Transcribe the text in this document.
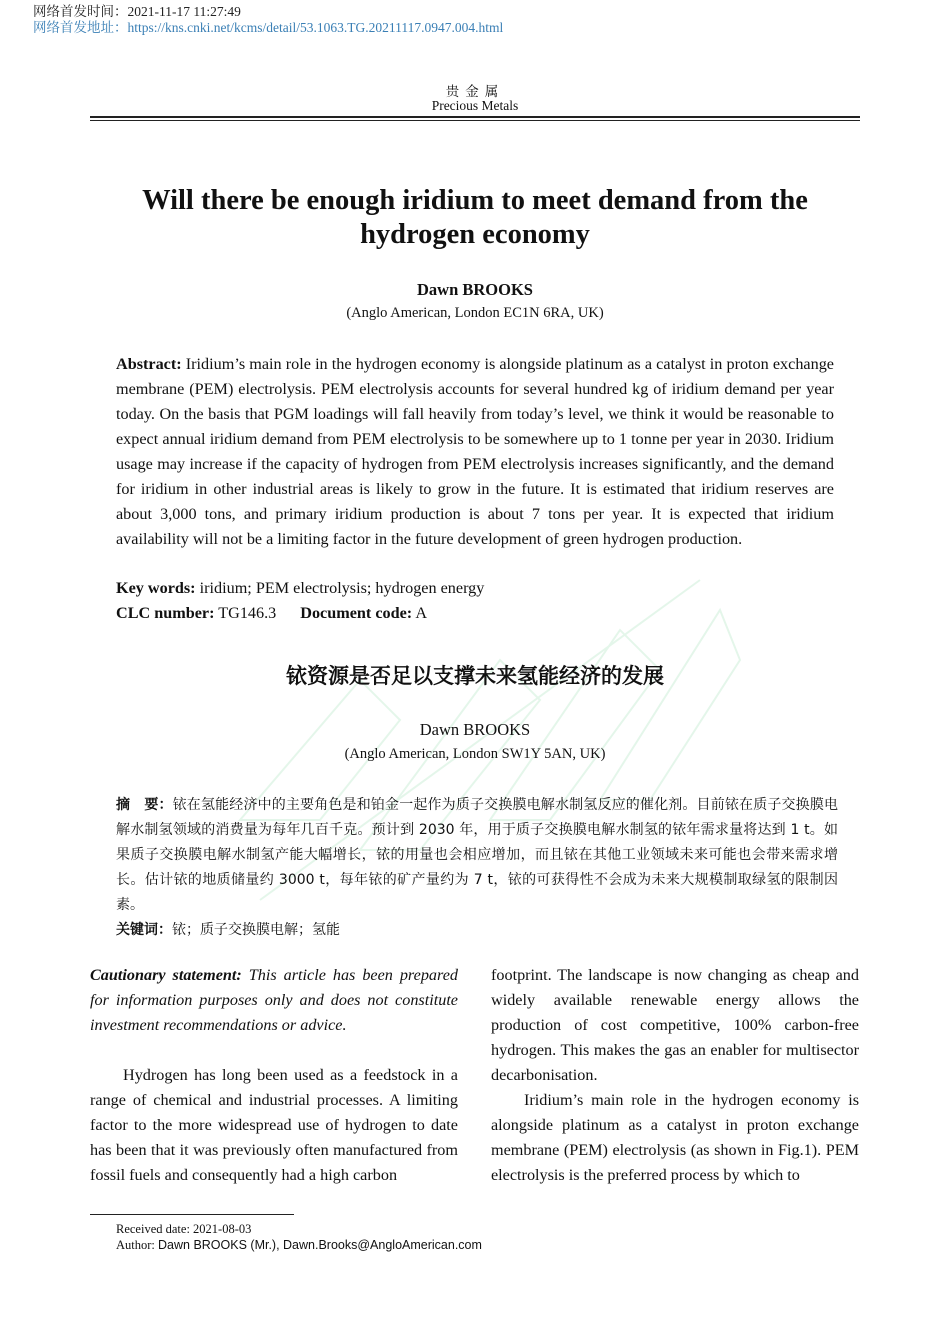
网络首发时间：2021-11-17 11:27:49
网络首发地址：https://kns.cnki.net/kcms/detail/53.1063.TG.20211117.0947.004.html
贵金属
Precious Metals
Will there be enough iridium to meet demand from the hydrogen economy
Dawn BROOKS
(Anglo American, London EC1N 6RA, UK)
Abstract: Iridium’s main role in the hydrogen economy is alongside platinum as a catalyst in proton exchange membrane (PEM) electrolysis. PEM electrolysis accounts for several hundred kg of iridium demand per year today. On the basis that PGM loadings will fall heavily from today’s level, we think it would be reasonable to expect annual iridium demand from PEM electrolysis to be somewhere up to 1 tonne per year in 2030. Iridium usage may increase if the capacity of hydrogen from PEM electrolysis increases significantly, and the demand for iridium in other industrial areas is likely to grow in the future. It is estimated that iridium reserves are about 3,000 tons, and primary iridium production is about 7 tons per year. It is expected that iridium availability will not be a limiting factor in the future development of green hydrogen production.
Key words: iridium; PEM electrolysis; hydrogen energy
CLC number: TG146.3 Document code: A
铱资源是否足以支撑未来氢能经济的发展
Dawn BROOKS
(Anglo American, London SW1Y 5AN, UK)
摘　要：铱在氢能经济中的主要角色是和铂金一起作为质子交换膜电解水制氢反应的催化剂。目前铱在质子交换膜电解水制氢领域的消费量为每年几百千克。预计到 2030 年，用于质子交换膜电解水制氢的铱年需求量将达到 1 t。如果质子交换膜电解水制氢产能大幅增长，铱的用量也会相应增加，而且铱在其他工业领域未来可能也会带来需求增长。估计铱的地质储量约 3000 t，每年铱的矿产量约为 7 t，铱的可获得性不会成为未来大规模制取绿氢的限制因素。
关键词：铱；质子交换膜电解；氢能

Cautionary statement: This article has been prepared for information purposes only and does not constitute investment recommendations or advice.

Hydrogen has long been used as a feedstock in a range of chemical and industrial processes. A limiting factor to the more widespread use of hydrogen to date has been that it was previously often manufactured from fossil fuels and consequently had a high carbon

footprint. The landscape is now changing as cheap and widely available renewable energy allows the production of cost competitive, 100% carbon-free hydrogen. This makes the gas an enabler for multisector decarbonisation.

Iridium’s main role in the hydrogen economy is alongside platinum as a catalyst in proton exchange membrane (PEM) electrolysis (as shown in Fig.1). PEM electrolysis is the preferred process by which to

Received date: 2021-08-03
Author: Dawn BROOKS (Mr.), Dawn.Brooks@AngloAmerican.com
